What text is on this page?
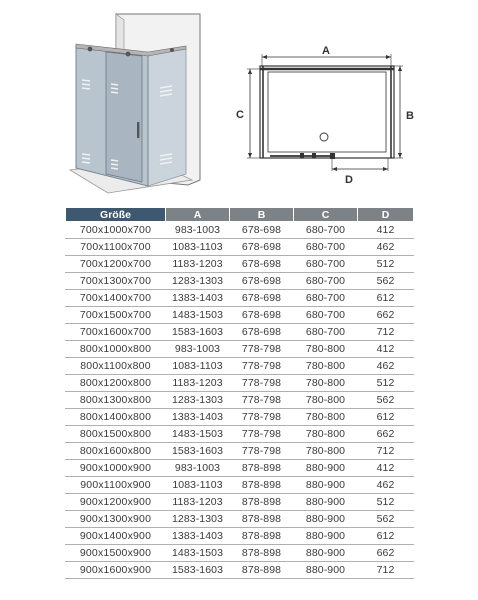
A
C	B
D
Größe	A	B	C	D
700x1000x700	983-1003	678-698	680-700	412
700x1100x700	1083-1103	678-698	680-700	462
700x1200x700	1183-1203	678-698	680-700	512
700x1300x700	1283-1303	678-698	680-700	562
700x1400x700	1383-1403	678-698	680-700	612
700x1500x700	1483-1503	678-698	680-700	662
700x1600x700	1583-1603	678-698	680-700	712
800x1000x800	983-1003	778-798	780-800	412
800x1100x800	1083-1103	778-798	780-800	462
800x1200x800	1183-1203	778-798	780-800	512
800x1300x800	1283-1303	778-798	780-800	562
800x1400x800	1383-1403	778-798	780-800	612
800x1500x800	1483-1503	778-798	780-800	662
800x1600x800	1583-1603	778-798	780-800	712
900x1000x900	983-1003	878-898	880-900	412
900x1100x900	1083-1103	878-898	880-900	462
900x1200x900	1183-1203	878-898	880-900	512
900x1300x900	1283-1303	878-898	880-900	562
900x1400x900	1383-1403	878-898	880-900	612
900x1500x900	1483-1503	878-898	880-900	662
900x1600x900	1583-1603	878-898	880-900	712
